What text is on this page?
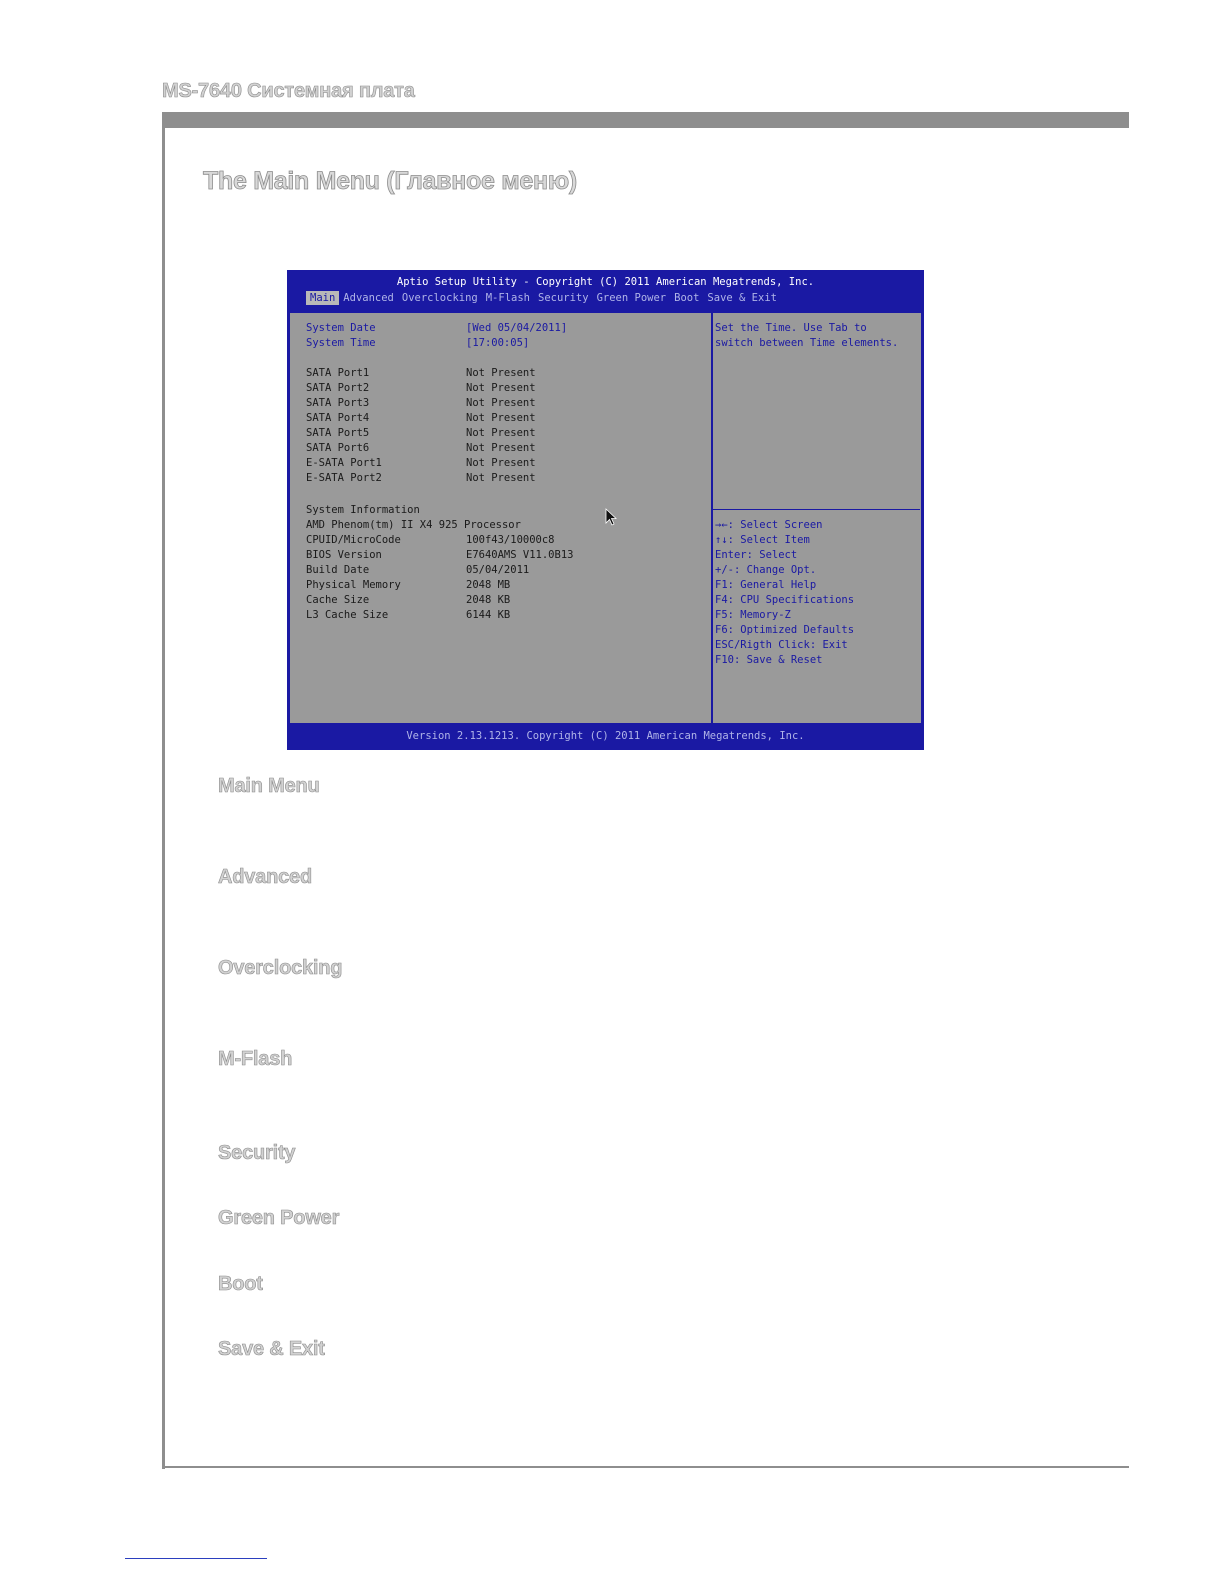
MS-7640 Системная плата
The Main Menu (Главное меню)
Aptio Setup Utility - Copyright (C) 2011 American Megatrends, Inc.
Main Advanced Overclocking M-Flash Security Green Power Boot Save & Exit
System Date	[Wed 05/04/2011]
System Time	[17:00:05]
SATA Port1	Not Present
SATA Port2	Not Present
SATA Port3	Not Present
SATA Port4	Not Present
SATA Port5	Not Present
SATA Port6	Not Present
E-SATA Port1	Not Present
E-SATA Port2	Not Present
System Information
AMD Phenom(tm) II X4 925 Processor
CPUID/MicroCode	100f43/10000c8
BIOS Version	E7640AMS V11.0B13
Build Date	05/04/2011
Physical Memory	2048 MB
Cache Size	2048 KB
L3 Cache Size	6144 KB
Set the Time. Use Tab to
switch between Time elements.
→←: Select Screen
↑↓: Select Item
Enter: Select
+/-: Change Opt.
F1: General Help
F4: CPU Specifications
F5: Memory-Z
F6: Optimized Defaults
ESC/Rigth Click: Exit
F10: Save & Reset
Version 2.13.1213. Copyright (C) 2011 American Megatrends, Inc.
Main Menu
Advanced
Overclocking
M-Flash
Security
Green Power
Boot
Save & Exit
